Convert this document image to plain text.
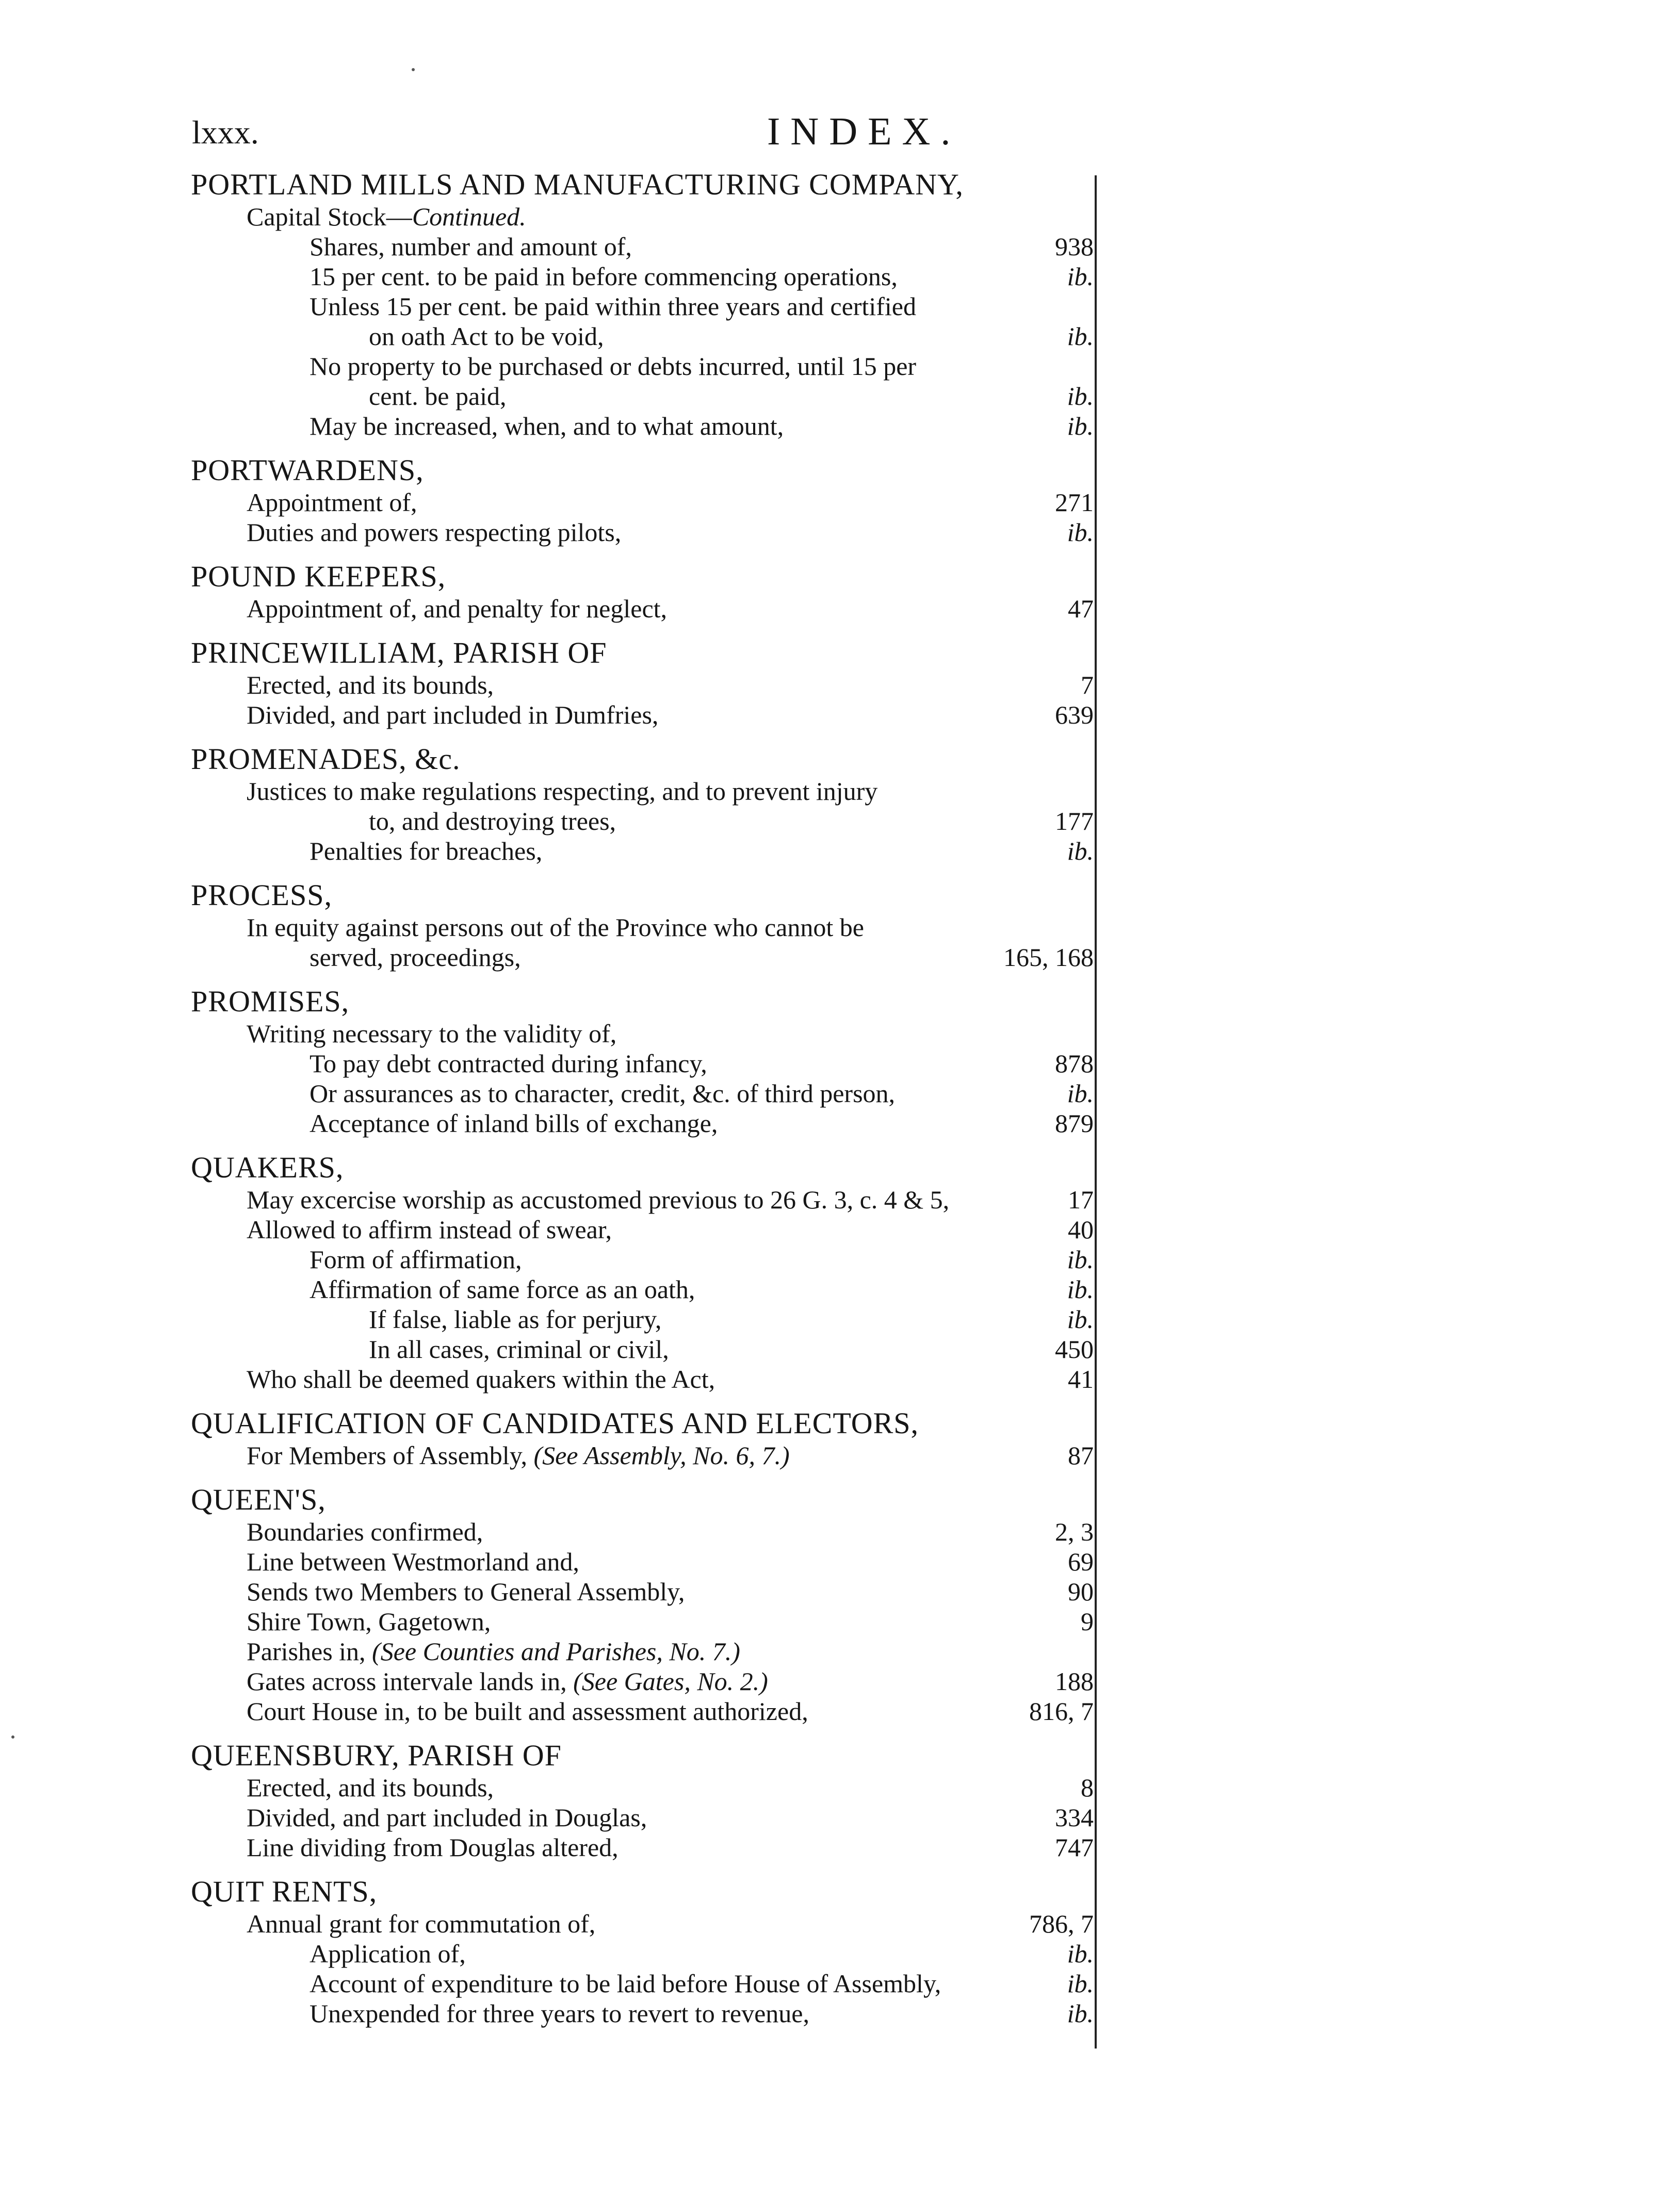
lxxx.	INDEX.
PORTLAND MILLS AND MANUFACTURING COMPANY,
Capital Stock—Continued.
Shares, number and amount of,	938
15 per cent. to be paid in before commencing operations,	ib.
Unless 15 per cent. be paid within three years and certified
on oath Act to be void,	ib.
No property to be purchased or debts incurred, until 15 per
cent. be paid,	ib.
May be increased, when, and to what amount,	ib.
PORTWARDENS,
Appointment of,	271
Duties and powers respecting pilots,	ib.
POUND KEEPERS,
Appointment of, and penalty for neglect,	47
PRINCEWILLIAM, PARISH OF
Erected, and its bounds,	7
Divided, and part included in Dumfries,	639
PROMENADES, &c.
Justices to make regulations respecting, and to prevent injury
to, and destroying trees,	177
Penalties for breaches,	ib.
PROCESS,
In equity against persons out of the Province who cannot be
served, proceedings,	165, 168
PROMISES,
Writing necessary to the validity of,
To pay debt contracted during infancy,	878
Or assurances as to character, credit, &c. of third person,	ib.
Acceptance of inland bills of exchange,	879
QUAKERS,
May excercise worship as accustomed previous to 26 G. 3, c. 4 & 5,	17
Allowed to affirm instead of swear,	40
Form of affirmation,	ib.
Affirmation of same force as an oath,	ib.
If false, liable as for perjury,	ib.
In all cases, criminal or civil,	450
Who shall be deemed quakers within the Act,	41
QUALIFICATION OF CANDIDATES AND ELECTORS,
For Members of Assembly, (See Assembly, No. 6, 7.)	87
QUEEN'S,
Boundaries confirmed,	2, 3
Line between Westmorland and,	69
Sends two Members to General Assembly,	90
Shire Town, Gagetown,	9
Parishes in, (See Counties and Parishes, No. 7.)
Gates across intervale lands in, (See Gates, No. 2.)	188
Court House in, to be built and assessment authorized,	816, 7
QUEENSBURY, PARISH OF
Erected, and its bounds,	8
Divided, and part included in Douglas,	334
Line dividing from Douglas altered,	747
QUIT RENTS,
Annual grant for commutation of,	786, 7
Application of,	ib.
Account of expenditure to be laid before House of Assembly,	ib.
Unexpended for three years to revert to revenue,	ib.
